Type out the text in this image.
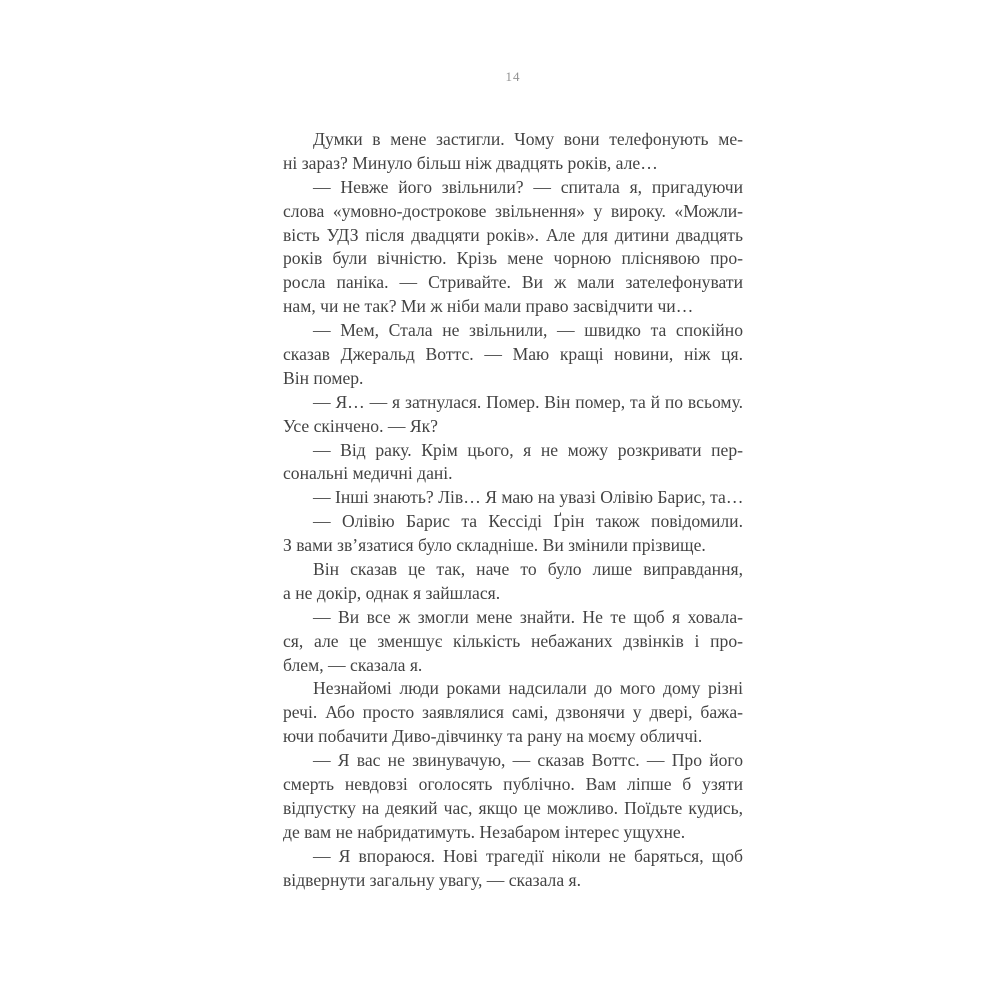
14
Думки в мене застигли. Чому вони телефонують ме-
ні зараз? Минуло більш ніж двадцять років, але…
— Невже його звільнили? — спитала я, пригадуючи
слова «умовно-дострокове звільнення» у вироку. «Можли-
вість УДЗ після двадцяти років». Але для дитини двадцять
років були вічністю. Крізь мене чорною пліснявою про-
росла паніка. — Стривайте. Ви ж мали зателефонувати
нам, чи не так? Ми ж ніби мали право засвідчити чи…
— Мем, Стала не звільнили, — швидко та спокійно
сказав Джеральд Воттс. — Маю кращі новини, ніж ця.
Він помер.
— Я… — я затнулася. Помер. Він помер, та й по всьому.
Усе скінчено. — Як?
— Від раку. Крім цього, я не можу розкривати пер-
сональні медичні дані.
— Інші знають? Лів… Я маю на увазі Олівію Барис, та…
— Олівію Барис та Кессіді Ґрін також повідомили.
З вами зв’язатися було складніше. Ви змінили прізвище.
Він сказав це так, наче то було лише виправдання,
а не докір, однак я зайшлася.
— Ви все ж змогли мене знайти. Не те щоб я ховала-
ся, але це зменшує кількість небажаних дзвінків і про-
блем, — сказала я.
Незнайомі люди роками надсилали до мого дому різні
речі. Або просто заявлялися самі, дзвонячи у двері, бажа-
ючи побачити Диво-дівчинку та рану на моєму обличчі.
— Я вас не звинувачую, — сказав Воттс. — Про його
смерть невдовзі оголосять публічно. Вам ліпше б узяти
відпустку на деякий час, якщо це можливо. Поїдьте кудись,
де вам не набридатимуть. Незабаром інтерес ущухне.
— Я впораюся. Нові трагедії ніколи не баряться, щоб
відвернути загальну увагу, — сказала я.
